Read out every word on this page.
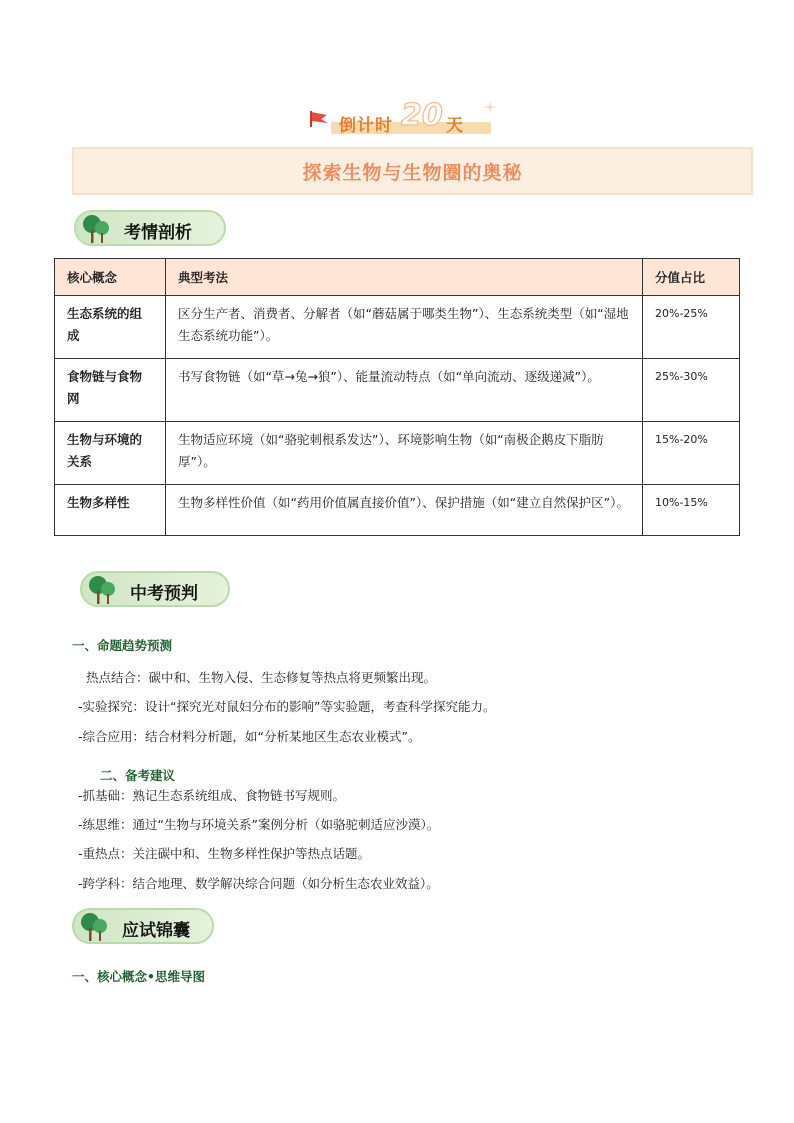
倒计时 20 天
探索生物与生物圈的奥秘
考情剖析
核心概念	典型考法	分值占比
生态系统的组成	区分生产者、消费者、分解者（如“蘑菇属于哪类生物”）、生态系统类型（如“湿地生态系统功能”）。	20%-25%
食物链与食物网	书写食物链（如“草→兔→狼”）、能量流动特点（如“单向流动、逐级递减”）。	25%-30%
生物与环境的关系	生物适应环境（如“骆驼刺根系发达”）、环境影响生物（如“南极企鹅皮下脂肪厚”）。	15%-20%
生物多样性	生物多样性价值（如“药用价值属直接价值”）、保护措施（如“建立自然保护区”）。	10%-15%
中考预判
一、命题趋势预测
热点结合：碳中和、生物入侵、生态修复等热点将更频繁出现。
-实验探究：设计“探究光对鼠妇分布的影响”等实验题，考查科学探究能力。
-综合应用：结合材料分析题，如“分析某地区生态农业模式”。
二、备考建议
-抓基础：熟记生态系统组成、食物链书写规则。
-练思维：通过“生物与环境关系”案例分析（如骆驼刺适应沙漠）。
-重热点：关注碳中和、生物多样性保护等热点话题。
-跨学科：结合地理、数学解决综合问题（如分析生态农业效益）。
应试锦囊
一、核心概念•思维导图
